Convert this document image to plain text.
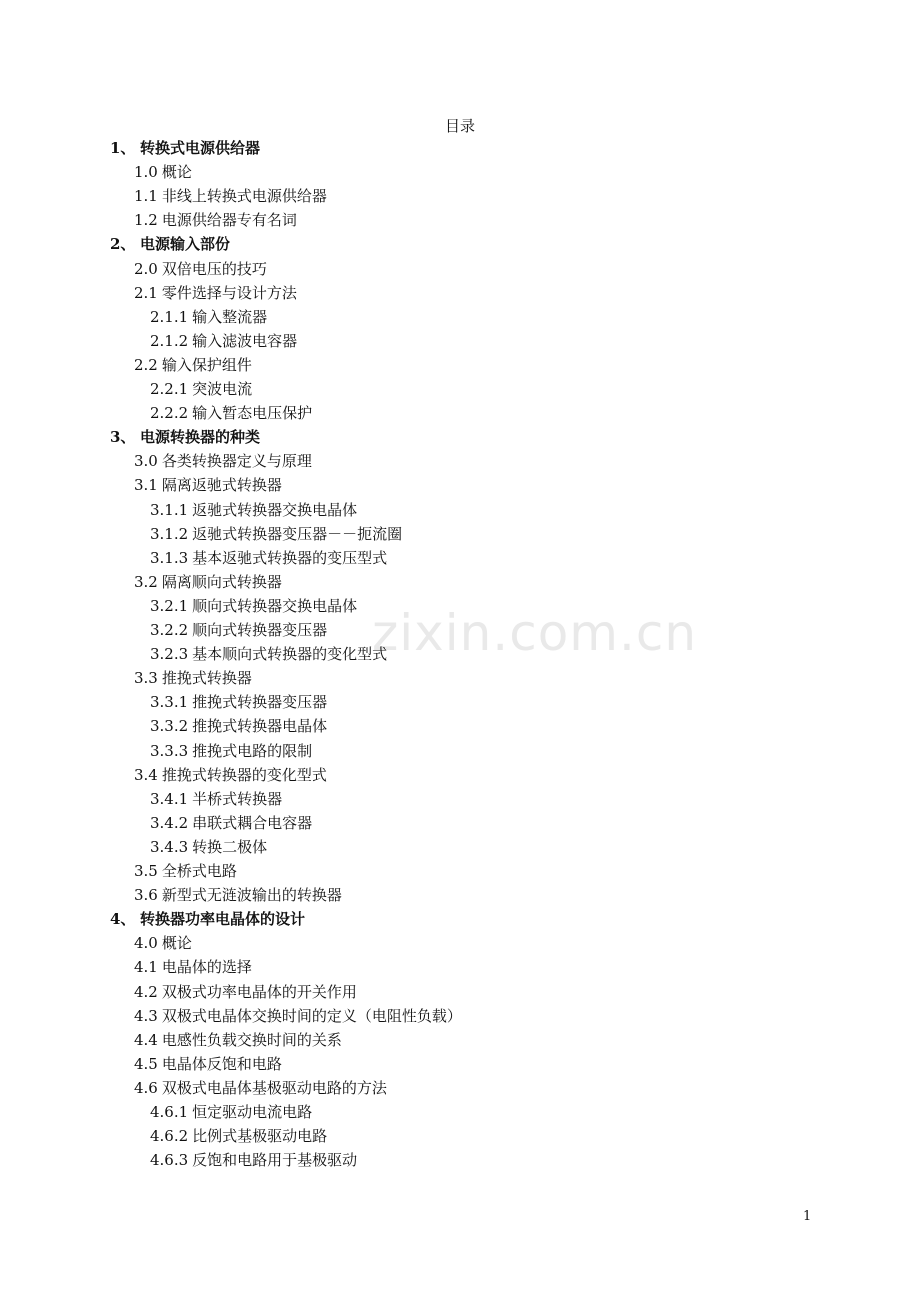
zixin.com.cn
目录
1、 转换式电源供给器
1.0 概论
1.1 非线上转换式电源供给器
1.2 电源供给器专有名词
2、 电源输入部份
2.0 双倍电压的技巧
2.1 零件选择与设计方法
2.1.1 输入整流器
2.1.2 输入滤波电容器
2.2 输入保护组件
2.2.1 突波电流
2.2.2 输入暂态电压保护
3、 电源转换器的种类
3.0 各类转换器定义与原理
3.1 隔离返驰式转换器
3.1.1 返驰式转换器交换电晶体
3.1.2 返驰式转换器变压器－－扼流圈
3.1.3 基本返驰式转换器的变压型式
3.2 隔离顺向式转换器
3.2.1 顺向式转换器交换电晶体
3.2.2 顺向式转换器变压器
3.2.3 基本顺向式转换器的变化型式
3.3 推挽式转换器
3.3.1 推挽式转换器变压器
3.3.2 推挽式转换器电晶体
3.3.3 推挽式电路的限制
3.4 推挽式转换器的变化型式
3.4.1 半桥式转换器
3.4.2 串联式耦合电容器
3.4.3 转换二极体
3.5 全桥式电路
3.6 新型式无涟波输出的转换器
4、 转换器功率电晶体的设计
4.0 概论
4.1 电晶体的选择
4.2 双极式功率电晶体的开关作用
4.3 双极式电晶体交换时间的定义（电阻性负载）
4.4 电感性负载交换时间的关系
4.5 电晶体反饱和电路
4.6 双极式电晶体基极驱动电路的方法
4.6.1 恒定驱动电流电路
4.6.2 比例式基极驱动电路
4.6.3 反饱和电路用于基极驱动
1
